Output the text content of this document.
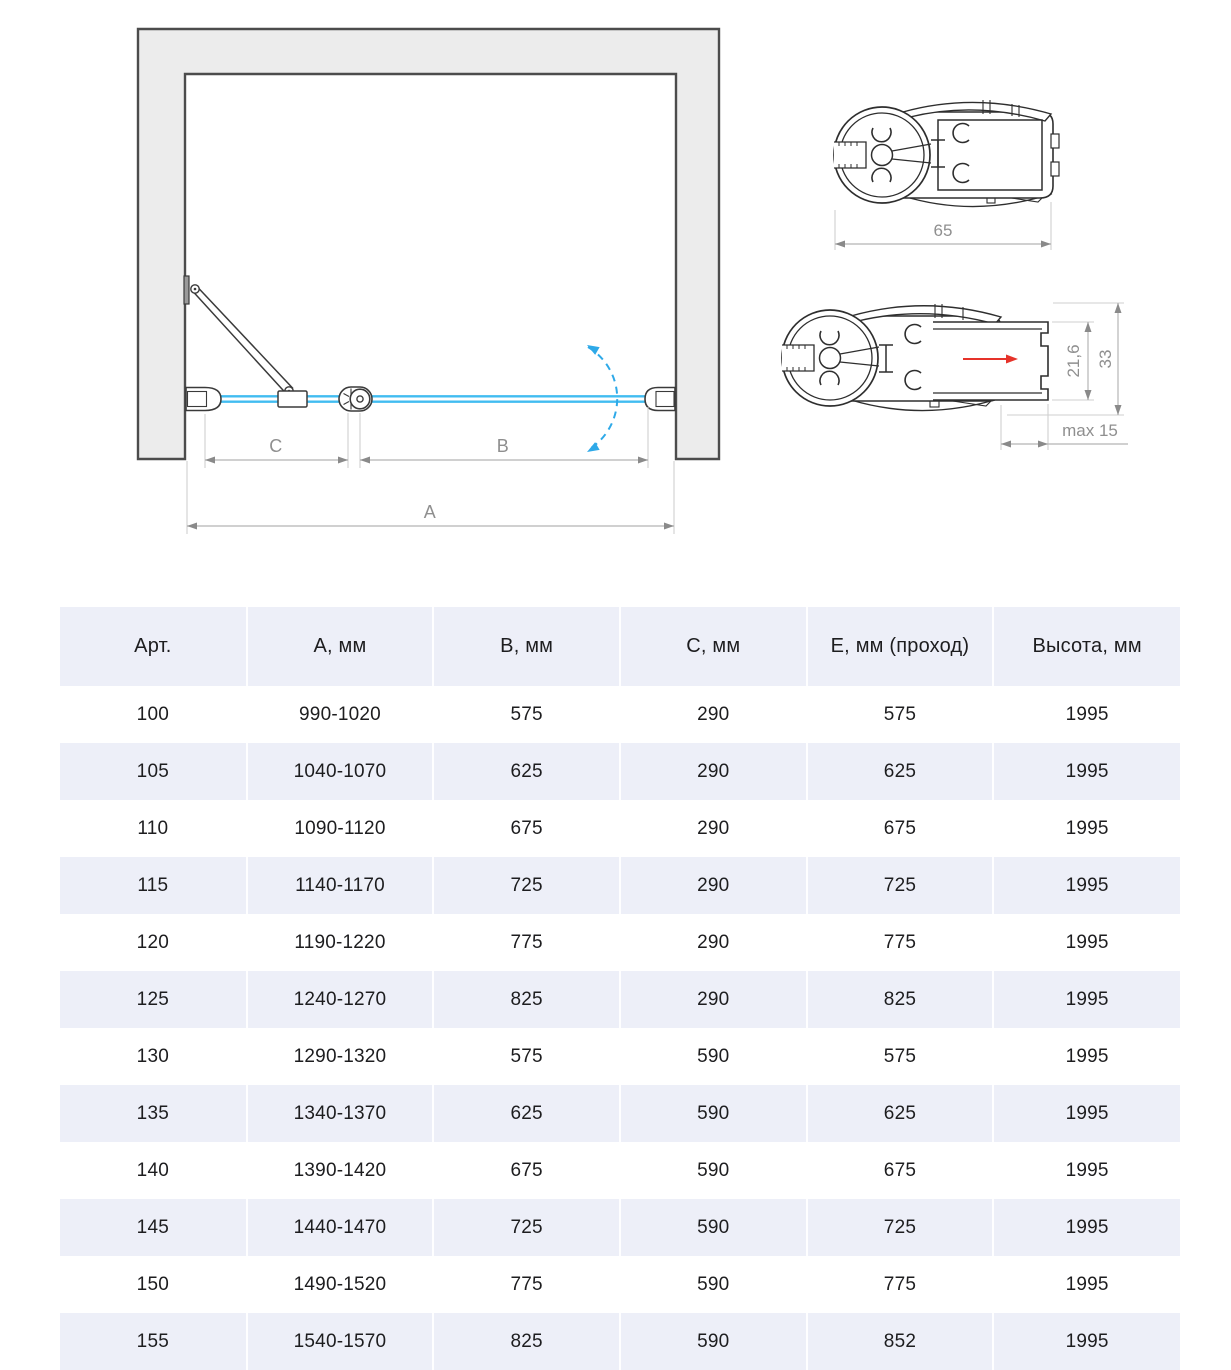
C	B
A
65
21,6 33
max 15
Арт.	А, мм	В, мм	С, мм	Е, мм (проход)	Высота, мм
100	990-1020	575	290	575	1995
105	1040-1070	625	290	625	1995
110	1090-1120	675	290	675	1995
115	1140-1170	725	290	725	1995
120	1190-1220	775	290	775	1995
125	1240-1270	825	290	825	1995
130	1290-1320	575	590	575	1995
135	1340-1370	625	590	625	1995
140	1390-1420	675	590	675	1995
145	1440-1470	725	590	725	1995
150	1490-1520	775	590	775	1995
155	1540-1570	825	590	852	1995
